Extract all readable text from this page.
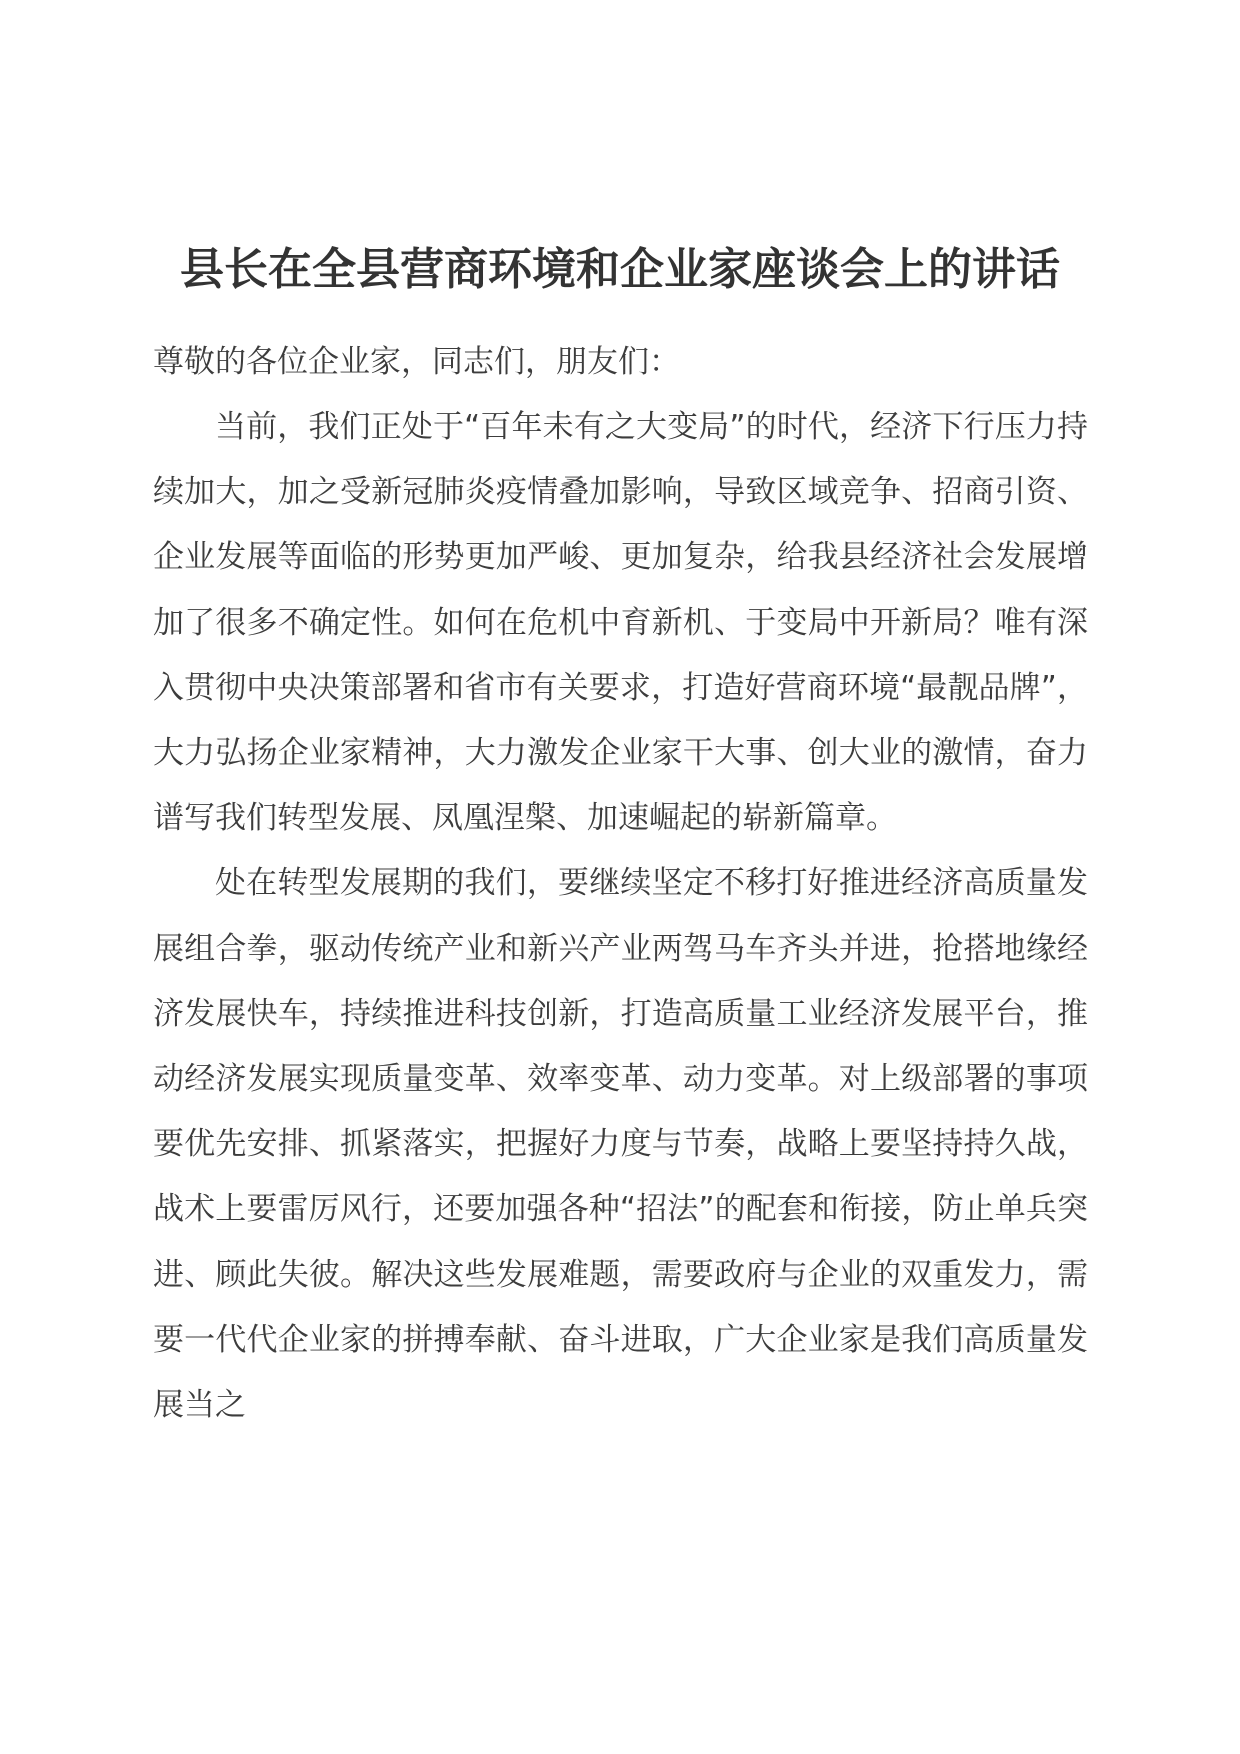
县长在全县营商环境和企业家座谈会上的讲话

尊敬的各位企业家，同志们，朋友们：

当前，我们正处于“百年未有之大变局”的时代，经济下行压力持续加大，加之受新冠肺炎疫情叠加影响，导致区域竞争、招商引资、企业发展等面临的形势更加严峻、更加复杂，给我县经济社会发展增加了很多不确定性。如何在危机中育新机、于变局中开新局？唯有深入贯彻中央决策部署和省市有关要求，打造好营商环境“最靓品牌”，大力弘扬企业家精神，大力激发企业家干大事、创大业的激情，奋力谱写我们转型发展、凤凰涅槃、加速崛起的崭新篇章。

处在转型发展期的我们，要继续坚定不移打好推进经济高质量发展组合拳，驱动传统产业和新兴产业两驾马车齐头并进，抢搭地缘经济发展快车，持续推进科技创新，打造高质量工业经济发展平台，推动经济发展实现质量变革、效率变革、动力变革。对上级部署的事项要优先安排、抓紧落实，把握好力度与节奏，战略上要坚持持久战，战术上要雷厉风行，还要加强各种“招法”的配套和衔接，防止单兵突进、顾此失彼。解决这些发展难题，需要政府与企业的双重发力，需要一代代企业家的拼搏奉献、奋斗进取，广大企业家是我们高质量发展当之
